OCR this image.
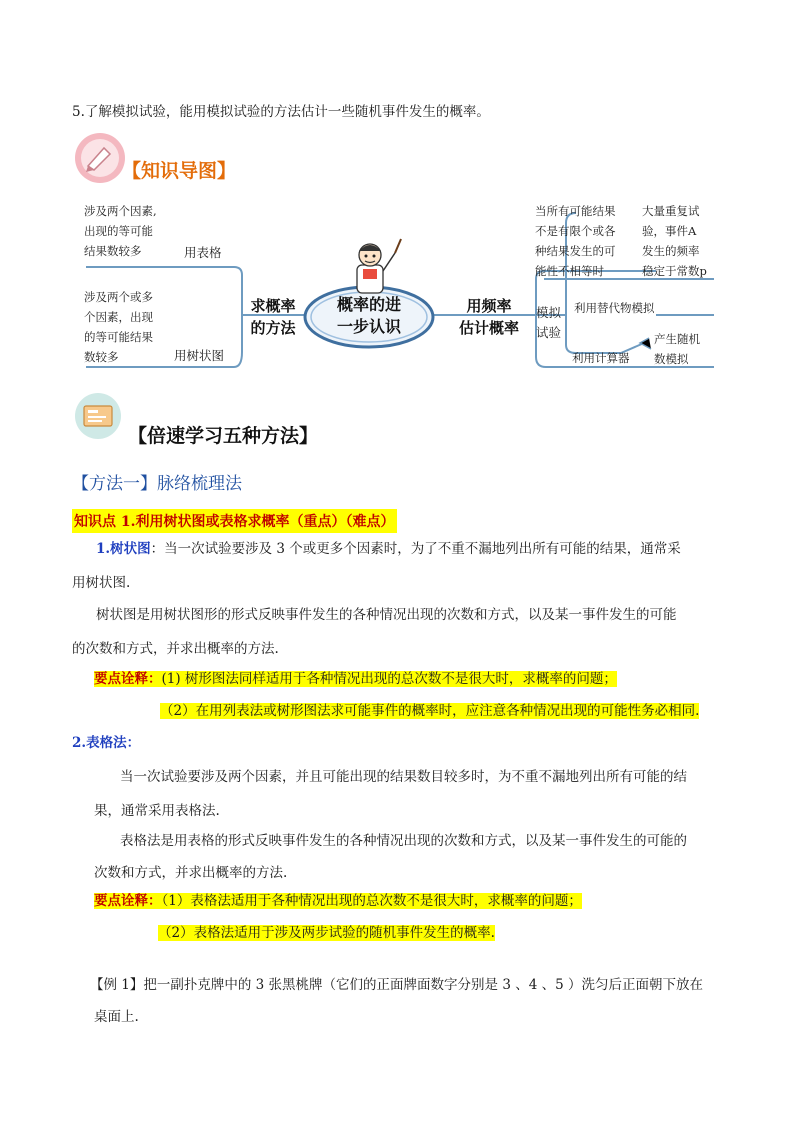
5.了解模拟试验，能用模拟试验的方法估计一些随机事件发生的概率。
【知识导图】
涉及两个因素,
出现的等可能
结果数较多	用表格
涉及两个或多
个因素，出现
的等可能结果
数较多	用树状图
求概率
的方法
概率的进
一步认识
用频率
估计概率
当所有可能结果
不是有限个或各
种结果发生的可
能性不相等时
大量重复试
验，事件A
发生的频率
稳定于常数p
模拟
试验
利用替代物模拟
利用计算器
产生随机
数模拟
【倍速学习五种方法】
【方法一】脉络梳理法
知识点 1.利用树状图或表格求概率（重点）（难点）
1.树状图：当一次试验要涉及 3 个或更多个因素时，为了不重不漏地列出所有可能的结果，通常采
用树状图.
树状图是用树状图形的形式反映事件发生的各种情况出现的次数和方式，以及某一事件发生的可能
的次数和方式，并求出概率的方法.
要点诠释：(1) 树形图法同样适用于各种情况出现的总次数不是很大时，求概率的问题；
（2）在用列表法或树形图法求可能事件的概率时，应注意各种情况出现的可能性务必相同.
2.表格法：
当一次试验要涉及两个因素，并且可能出现的结果数目较多时，为不重不漏地列出所有可能的结
果，通常采用表格法.
表格法是用表格的形式反映事件发生的各种情况出现的次数和方式，以及某一事件发生的可能的
次数和方式，并求出概率的方法.
要点诠释：（1）表格法适用于各种情况出现的总次数不是很大时，求概率的问题；
（2）表格法适用于涉及两步试验的随机事件发生的概率.
【例 1】把一副扑克牌中的 3 张黑桃牌（它们的正面牌面数字分别是 3 、4 、5 ）洗匀后正面朝下放在
桌面上.
